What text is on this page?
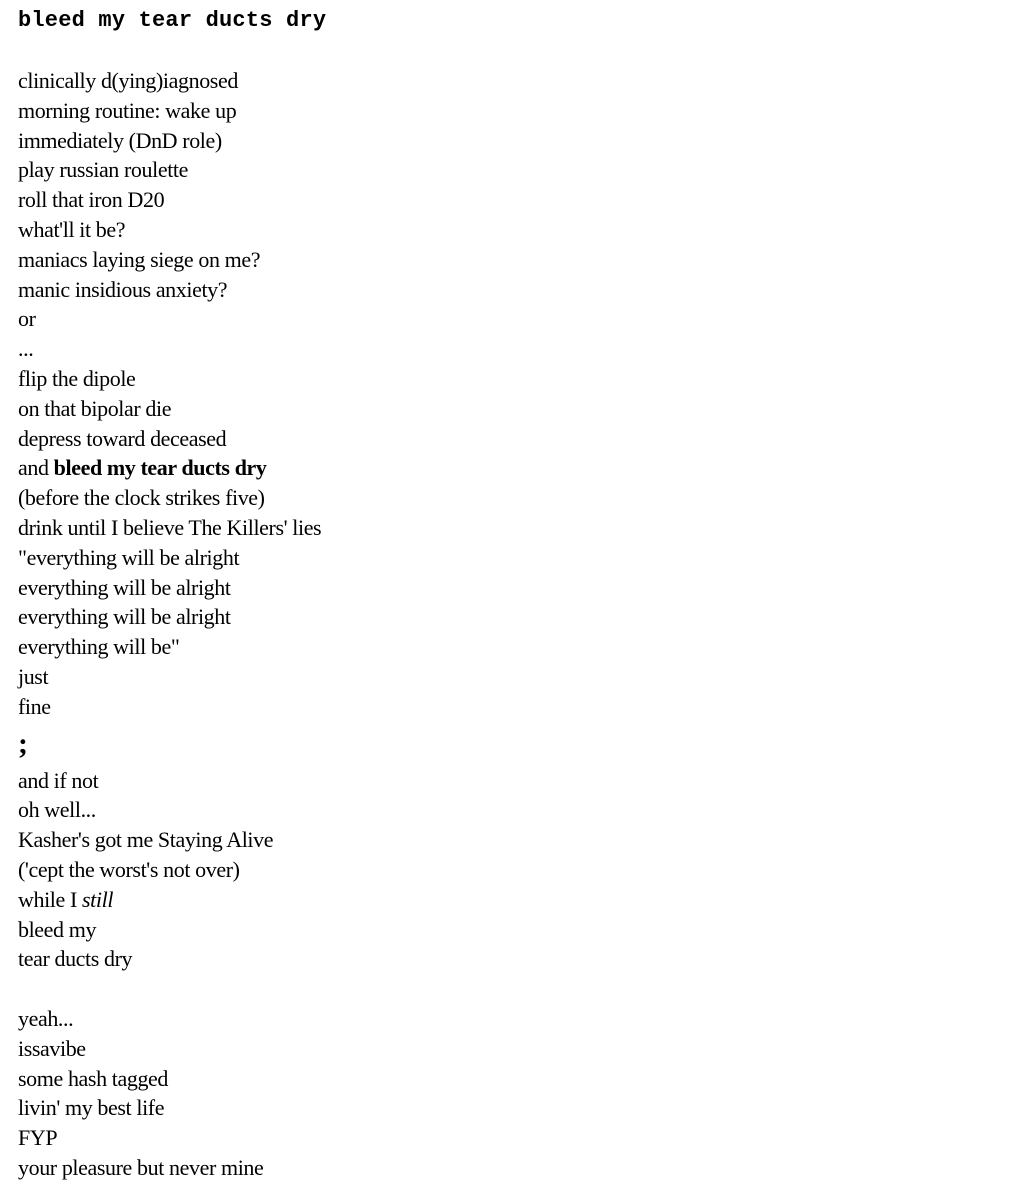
bleed my tear ducts dry
clinically d(ying)iagnosed
morning routine: wake up
immediately (DnD role)
play russian roulette
roll that iron D20
what'll it be?
maniacs laying siege on me?
manic insidious anxiety?
or
...
flip the dipole
on that bipolar die
depress toward deceased
and bleed my tear ducts dry
(before the clock strikes five)
drink until I believe The Killers' lies
"everything will be alright
everything will be alright
everything will be alright
everything will be"
just
fine
;
and if not
oh well...
Kasher's got me Staying Alive
('cept the worst's not over)
while I still
bleed my
tear ducts dry
yeah...
issavibe
some hash tagged
livin' my best life
FYP
your pleasure but never mine
